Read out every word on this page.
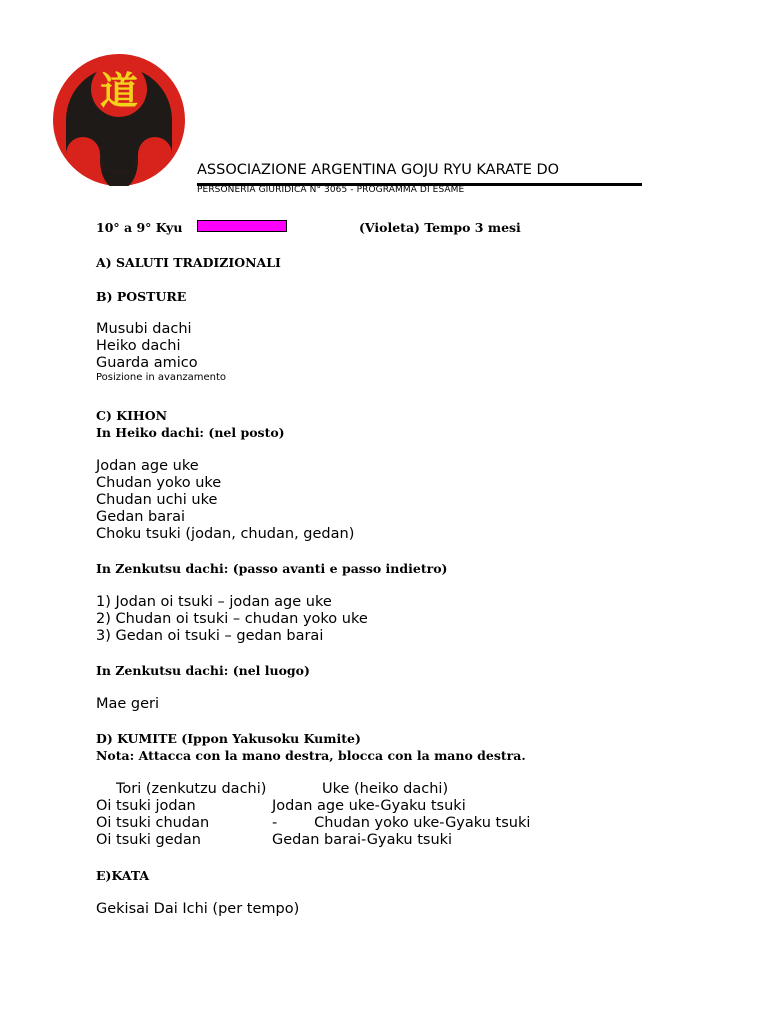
道
ASSOCIAZIONE ARGENTINA GOJU RYU KARATE DO
PERSONERIA GIURIDICA N° 3065 - PROGRAMMA DI ESAME
10° a 9° Kyu	(Violeta) Tempo 3 mesi
A) SALUTI TRADIZIONALI
B) POSTURE
Musubi dachi
Heiko dachi
Guarda amico
Posizione in avanzamento
C) KIHON
In Heiko dachi: (nel posto)
Jodan age uke
Chudan yoko uke
Chudan uchi uke
Gedan barai
Choku tsuki (jodan, chudan, gedan)
In Zenkutsu dachi: (passo avanti e passo indietro)
1) Jodan oi tsuki – jodan age uke
2) Chudan oi tsuki – chudan yoko uke
3) Gedan oi tsuki – gedan barai
In Zenkutsu dachi: (nel luogo)
Mae geri
D) KUMITE (Ippon Yakusoku Kumite)
Nota: Attacca con la mano destra, blocca con la mano destra.
Tori (zenkutzu dachi)	Uke (heiko dachi)
Oi tsuki jodan	Jodan age uke-Gyaku tsuki
Oi tsuki chudan	-        Chudan yoko uke-Gyaku tsuki
Oi tsuki gedan	Gedan barai-Gyaku tsuki
E)KATA
Gekisai Dai Ichi (per tempo)
